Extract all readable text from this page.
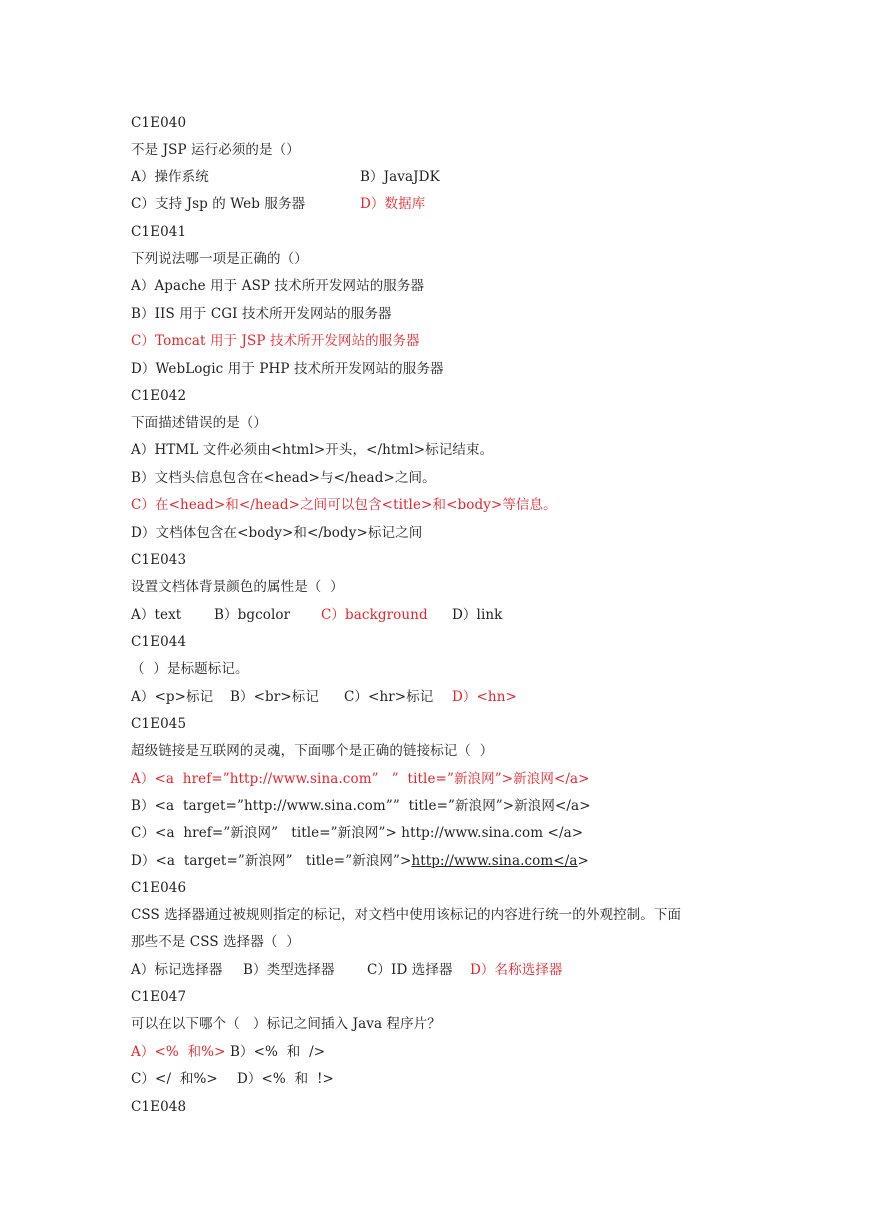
C1E040
不是 JSP 运行必须的是（）
A）操作系统	B）JavaJDK
C）支持 Jsp 的 Web 服务器	D）数据库
C1E041
下列说法哪一项是正确的（）
A）Apache 用于 ASP 技术所开发网站的服务器
B）IIS 用于 CGI 技术所开发网站的服务器
C）Tomcat 用于 JSP 技术所开发网站的服务器
D）WebLogic 用于 PHP 技术所开发网站的服务器
C1E042
下面描述错误的是（）
A）HTML 文件必须由<html>开头，</html>标记结束。
B）文档头信息包含在<head>与</head>之间。
C）在<head>和</head>之间可以包含<title>和<body>等信息。
D）文档体包含在<body>和</body>标记之间
C1E043
设置文档体背景颜色的属性是（  ）
A）text B）bgcolor C）background D）link
C1E044
（  ）是标题标记。
A）<p>标记 B）<br>标记 C）<hr>标记 D）<hn>
C1E045
超级链接是互联网的灵魂，下面哪个是正确的链接标记（  ）
A）<a  href=”http://www.sina.com”   ”  title=”新浪网”>新浪网</a>
B）<a  target=”http://www.sina.com””  title=”新浪网”>新浪网</a>
C）<a  href=”新浪网”   title=”新浪网”> http://www.sina.com </a>
D）<a  target=”新浪网”   title=”新浪网”>http://www.sina.com</a>
C1E046
CSS 选择器通过被规则指定的标记，对文档中使用该标记的内容进行统一的外观控制。下面
那些不是 CSS 选择器（  ）
A）标记选择器 B）类型选择器 C）ID 选择器 D）名称选择器
C1E047
可以在以下哪个（   ）标记之间插入 Java 程序片？
A）<%  和%> B）<%  和  />
C）</  和%> D）<%  和  !>
C1E048
